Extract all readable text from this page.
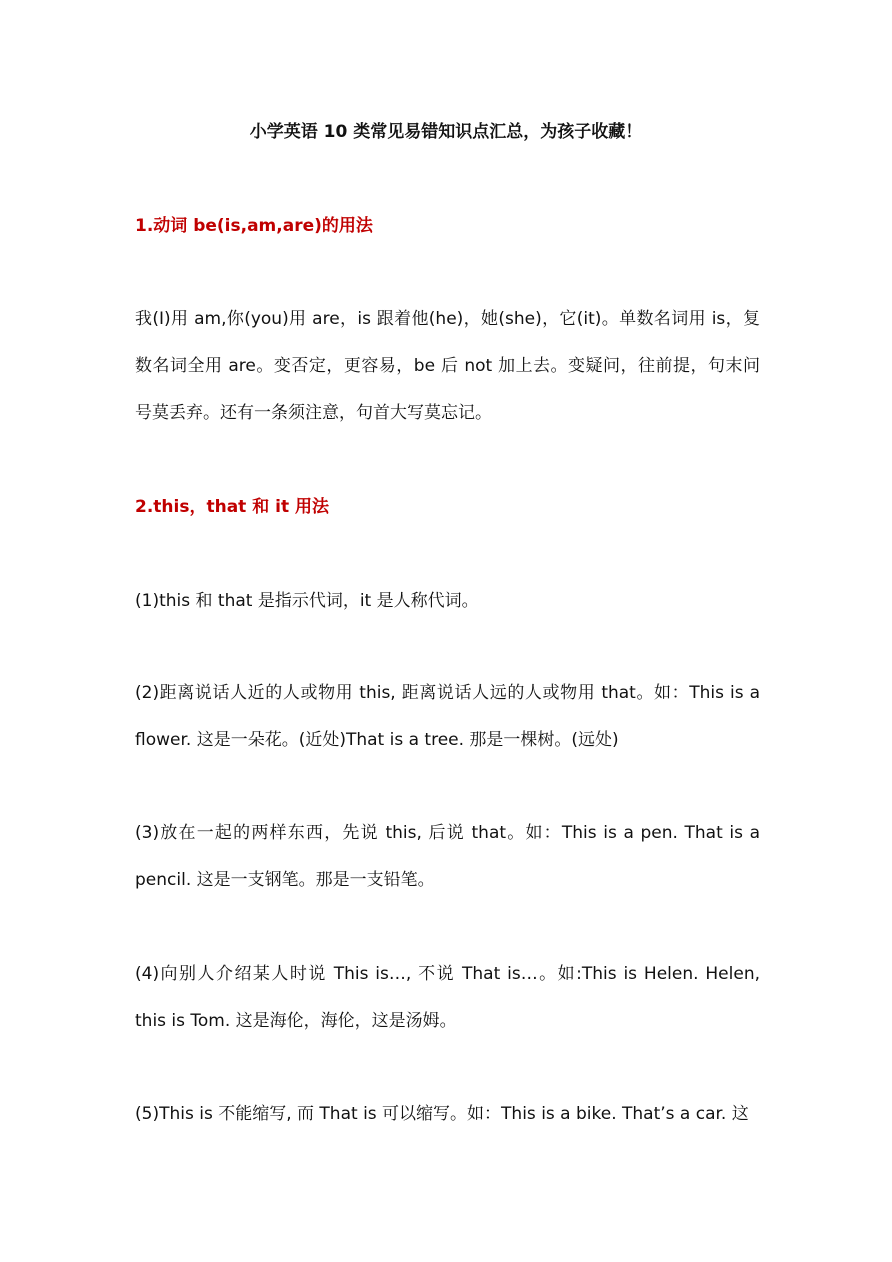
小学英语 10 类常见易错知识点汇总，为孩子收藏！
1.动词 be(is,am,are)的用法

我(I)用 am,你(you)用 are，is 跟着他(he)，她(she)，它(it)。单数名词用 is，复数名词全用 are。变否定，更容易，be 后 not 加上去。变疑问，往前提，句末问号莫丢弃。还有一条须注意，句首大写莫忘记。

2.this，that 和 it 用法

(1)this 和 that 是指示代词，it 是人称代词。

(2)距离说话人近的人或物用 this, 距离说话人远的人或物用 that。如：This is a flower. 这是一朵花。(近处)That is a tree. 那是一棵树。(远处)

(3)放在一起的两样东西，先说 this, 后说 that。如：This is a pen. That is a pencil. 这是一支钢笔。那是一支铅笔。

(4)向别人介绍某人时说 This is…, 不说 That is…。如:This is Helen. Helen, this is Tom. 这是海伦，海伦，这是汤姆。

(5)This is 不能缩写, 而 That is 可以缩写。如：This is a bike. That’s a car. 这
